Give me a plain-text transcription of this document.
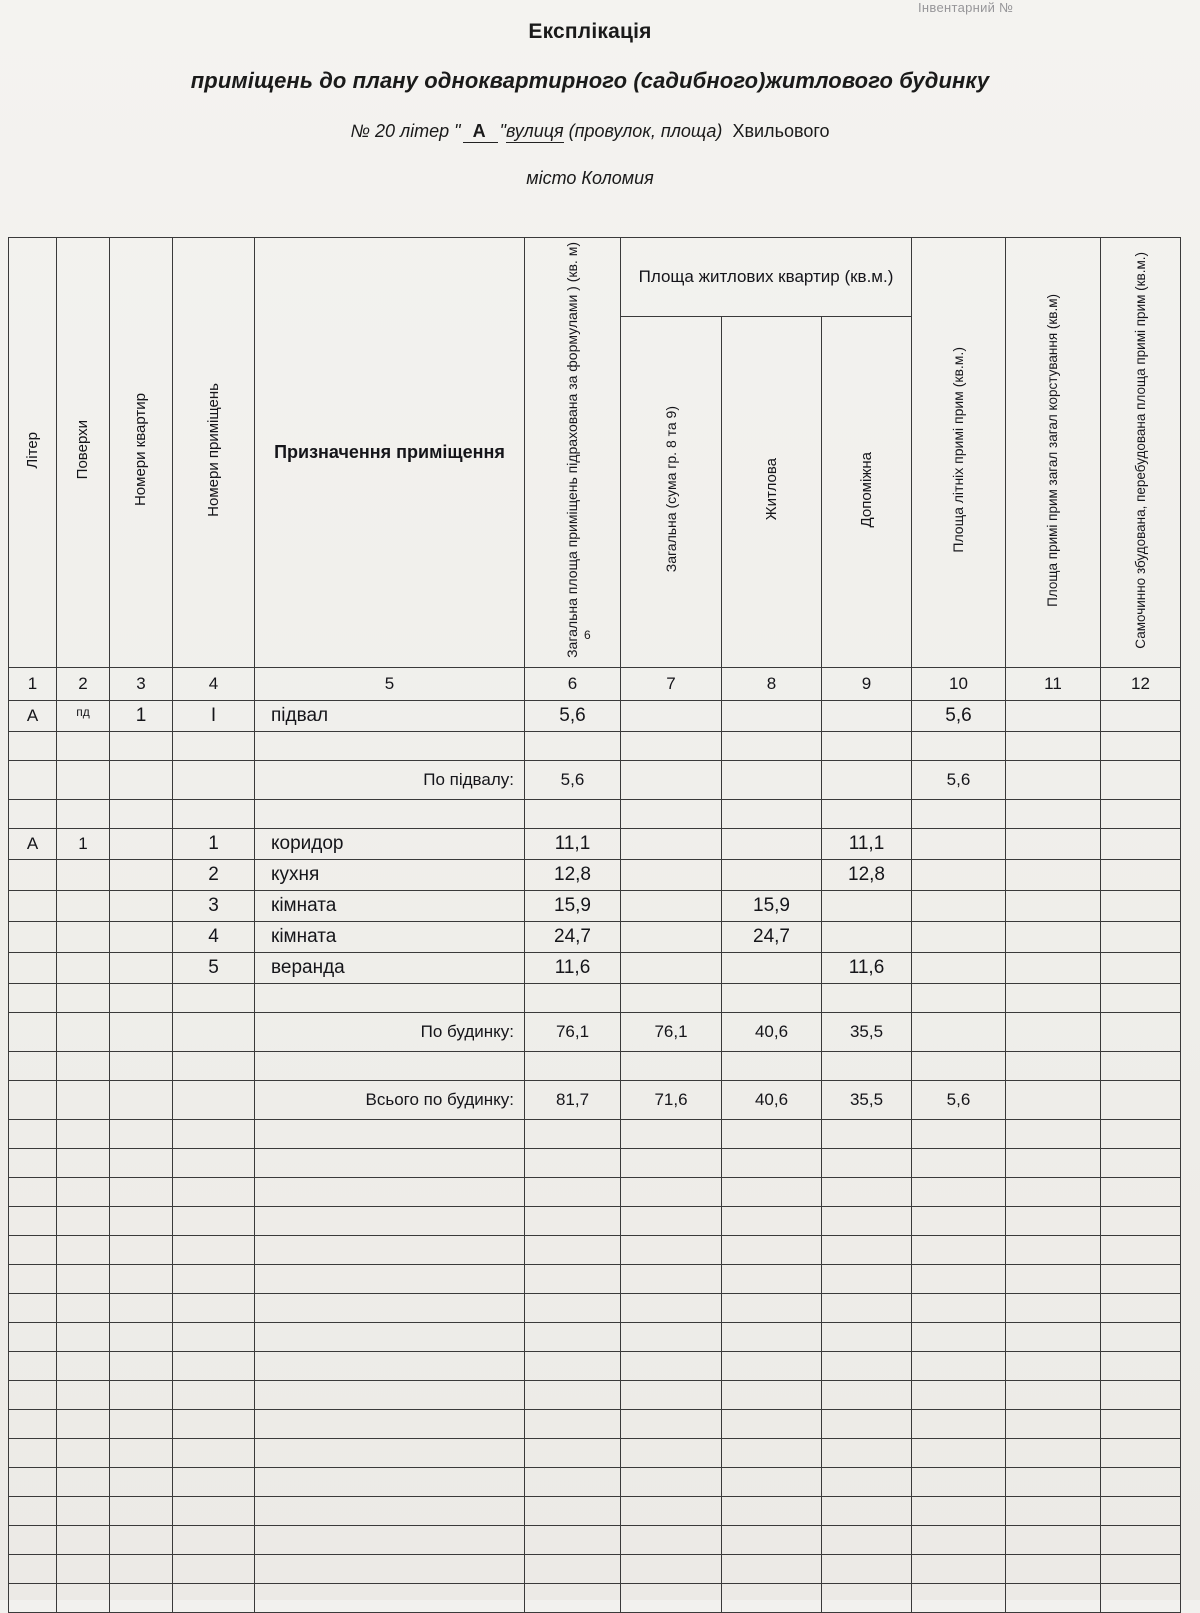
Інвентарний №
Експлікація
приміщень до плану одноквартирного (садибного)житлового будинку
№ 20 літер " А "вулиця (провулок, площа) Хвильового
місто Коломия
Літер	Поверхи	Номери квартир	Номери приміщень	Призначення приміщення	Загальна площа приміщень підрахована за формулами ) (кв. м)	Площа житлових квартир (кв.м.)			Площа літніх примі прим (кв.м.)	Площа примі прим загал загал корстування (кв.м)	Самочинно збудована, перебудована площа примі прим (кв.м.)
						Загальна (сума гр. 8 та 9)	Житлова	Допоміжна			
1	2	3	4	5	6	7	8	9	10	11	12
А	$^{пд}$	1	I	підвал	5,6				5,6		

				По підвалу:	5,6				5,6		

А	1		1	коридор	11,1			11,1			
			2	кухня	12,8			12,8			
			3	кімната	15,9		15,9				
			4	кімната	24,7		24,7				
			5	веранда	11,6			11,6			

				По будинку:	76,1	76,1	40,6	35,5			

				Всього по будинку:	81,7	71,6	40,6	35,5	5,6		

6
